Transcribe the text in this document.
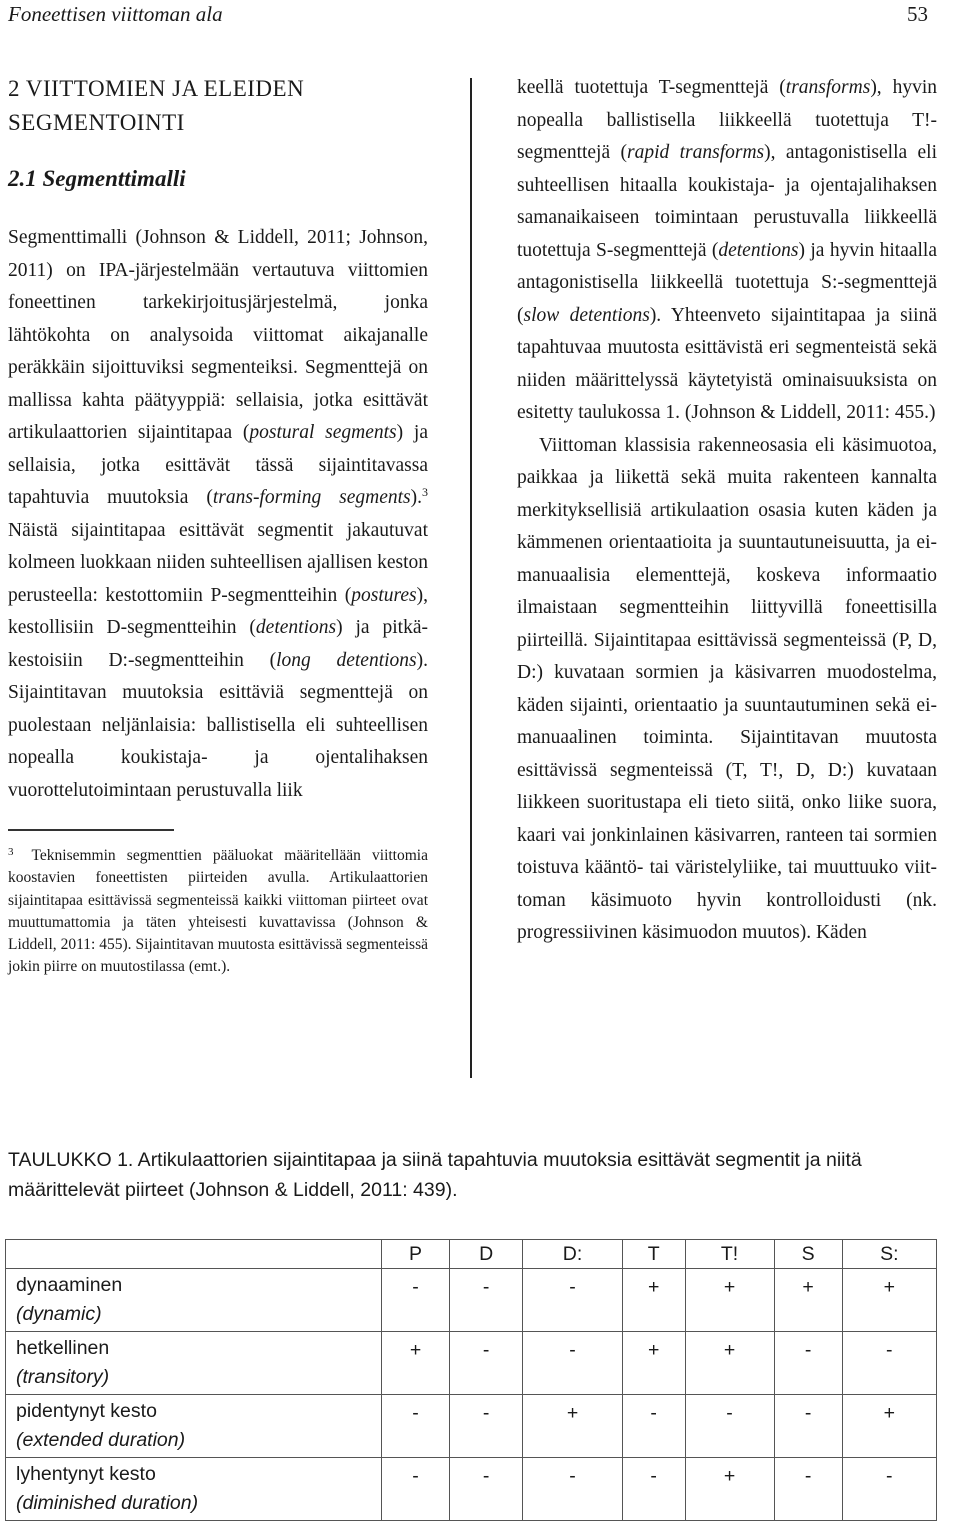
Foneettisen viittoman ala	53
2 VIITTOMIEN JA ELEIDEN
SEGMENTOINTI
2.1 Segmenttimalli

Segmenttimalli (Johnson & Liddell, 2011; Johnson, 2011) on IPA-järjestelmään vertautuva viittomien foneettinen tarkekirjoitusjärjestelmä, jonka lähtökohta on analysoida viittomat aikajanalle peräkkäin sijoittuviksi segmenteiksi. Segmenttejä on mallissa kahta päätyyppiä: sellaisia, jotka esittävät artikulaattorien sijaintitapaa (postural segments) ja sellaisia, jotka esittävät tässä sijaintitavassa tapahtuvia muutoksia (trans-forming segments).$^3$ Näistä sijaintitapaa esittävät segmentit jakautuvat kolmeen luokkaan niiden suhteellisen ajallisen keston perusteella: kestottomiin P-segmentteihin (postures), kestollisiin D-segmentteihin (detentions) ja pitkäkestoisiin D:-segmentteihin (long detentions). Sijaintitavan muutoksia esittäviä segmenttejä on puolestaan neljänlaisia: ballistisella eli suhteellisen nopealla koukistaja- ja ojentalihaksen vuorottelutoimintaan perustuvalla liik

$^3$ Teknisemmin segmenttien pääluokat määritellään viittomia koostavien foneettisten piirteiden avulla. Artikulaattorien sijaintitapaa esittävissä segmenteissä kaikki viittoman piirteet ovat muuttumattomia ja täten yhteisesti kuvattavissa (Johnson & Liddell, 2011: 455). Sijaintitavan muutosta esittävissä segmenteissä jokin piirre on muutostilassa (emt.).

keellä tuotettuja T-segmenttejä (transforms), hyvin nopealla ballistisella liikkeellä tuotettuja T!-segmenttejä (rapid transforms), antagonistisella eli suhteellisen hitaalla koukistaja- ja ojentajalihaksen samanaikaiseen toimintaan perustuvalla liikkeellä tuotettuja S-segmenttejä (detentions) ja hyvin hitaalla antagonistisella liikkeellä tuotettuja S:-segmenttejä (slow detentions). Yhteenveto sijaintitapaa ja siinä tapahtuvaa muutosta esittävistä eri segmenteistä sekä niiden määrittelyssä käytetyistä ominaisuuksista on esitetty taulukossa 1. (Johnson & Liddell, 2011: 455.)

Viittoman klassisia rakenneosasia eli käsimuotoa, paikkaa ja liikettä sekä muita rakenteen kannalta merkityksellisiä artikulaation osasia kuten käden ja kämmenen orientaatioita ja suuntautuneisuutta, ja ei-manuaalisia elementtejä, koskeva informaatio ilmaistaan segmentteihin liittyvillä foneettisilla piirteillä. Sijaintitapaa esittävissä segmenteissä (P, D, D:) kuvataan sormien ja käsivarren muodostelma, käden sijainti, orientaatio ja suuntautuminen sekä ei-manuaalinen toiminta. Sijaintitavan muutosta esittävissä segmenteissä (T, T!, D, D:) kuvataan liikkeen suoritustapa eli tieto siitä, onko liike suora, kaari vai jonkinlainen käsivarren, ranteen tai sormien toistuva kääntö- tai väristelyliike, tai muuttuuko viittoman käsimuoto hyvin kontrolloidusti (nk. progressiivinen käsimuodon muutos). Käden

TAULUKKO 1. Artikulaattorien sijaintitapaa ja siinä tapahtuvia muutoksia esittävät segmentit ja niitä määrittelevät piirteet (Johnson & Liddell, 2011: 439).
	P	D	D:	T	T!	S	S:
dynaaminen
(dynamic)	-	-	-	+	+	+	+
hetkellinen
(transitory)	+	-	-	+	+	-	-
pidentynyt kesto
(extended duration)	-	-	+	-	-	-	+
lyhentynyt kesto
(diminished duration)	-	-	-	-	+	-	-
